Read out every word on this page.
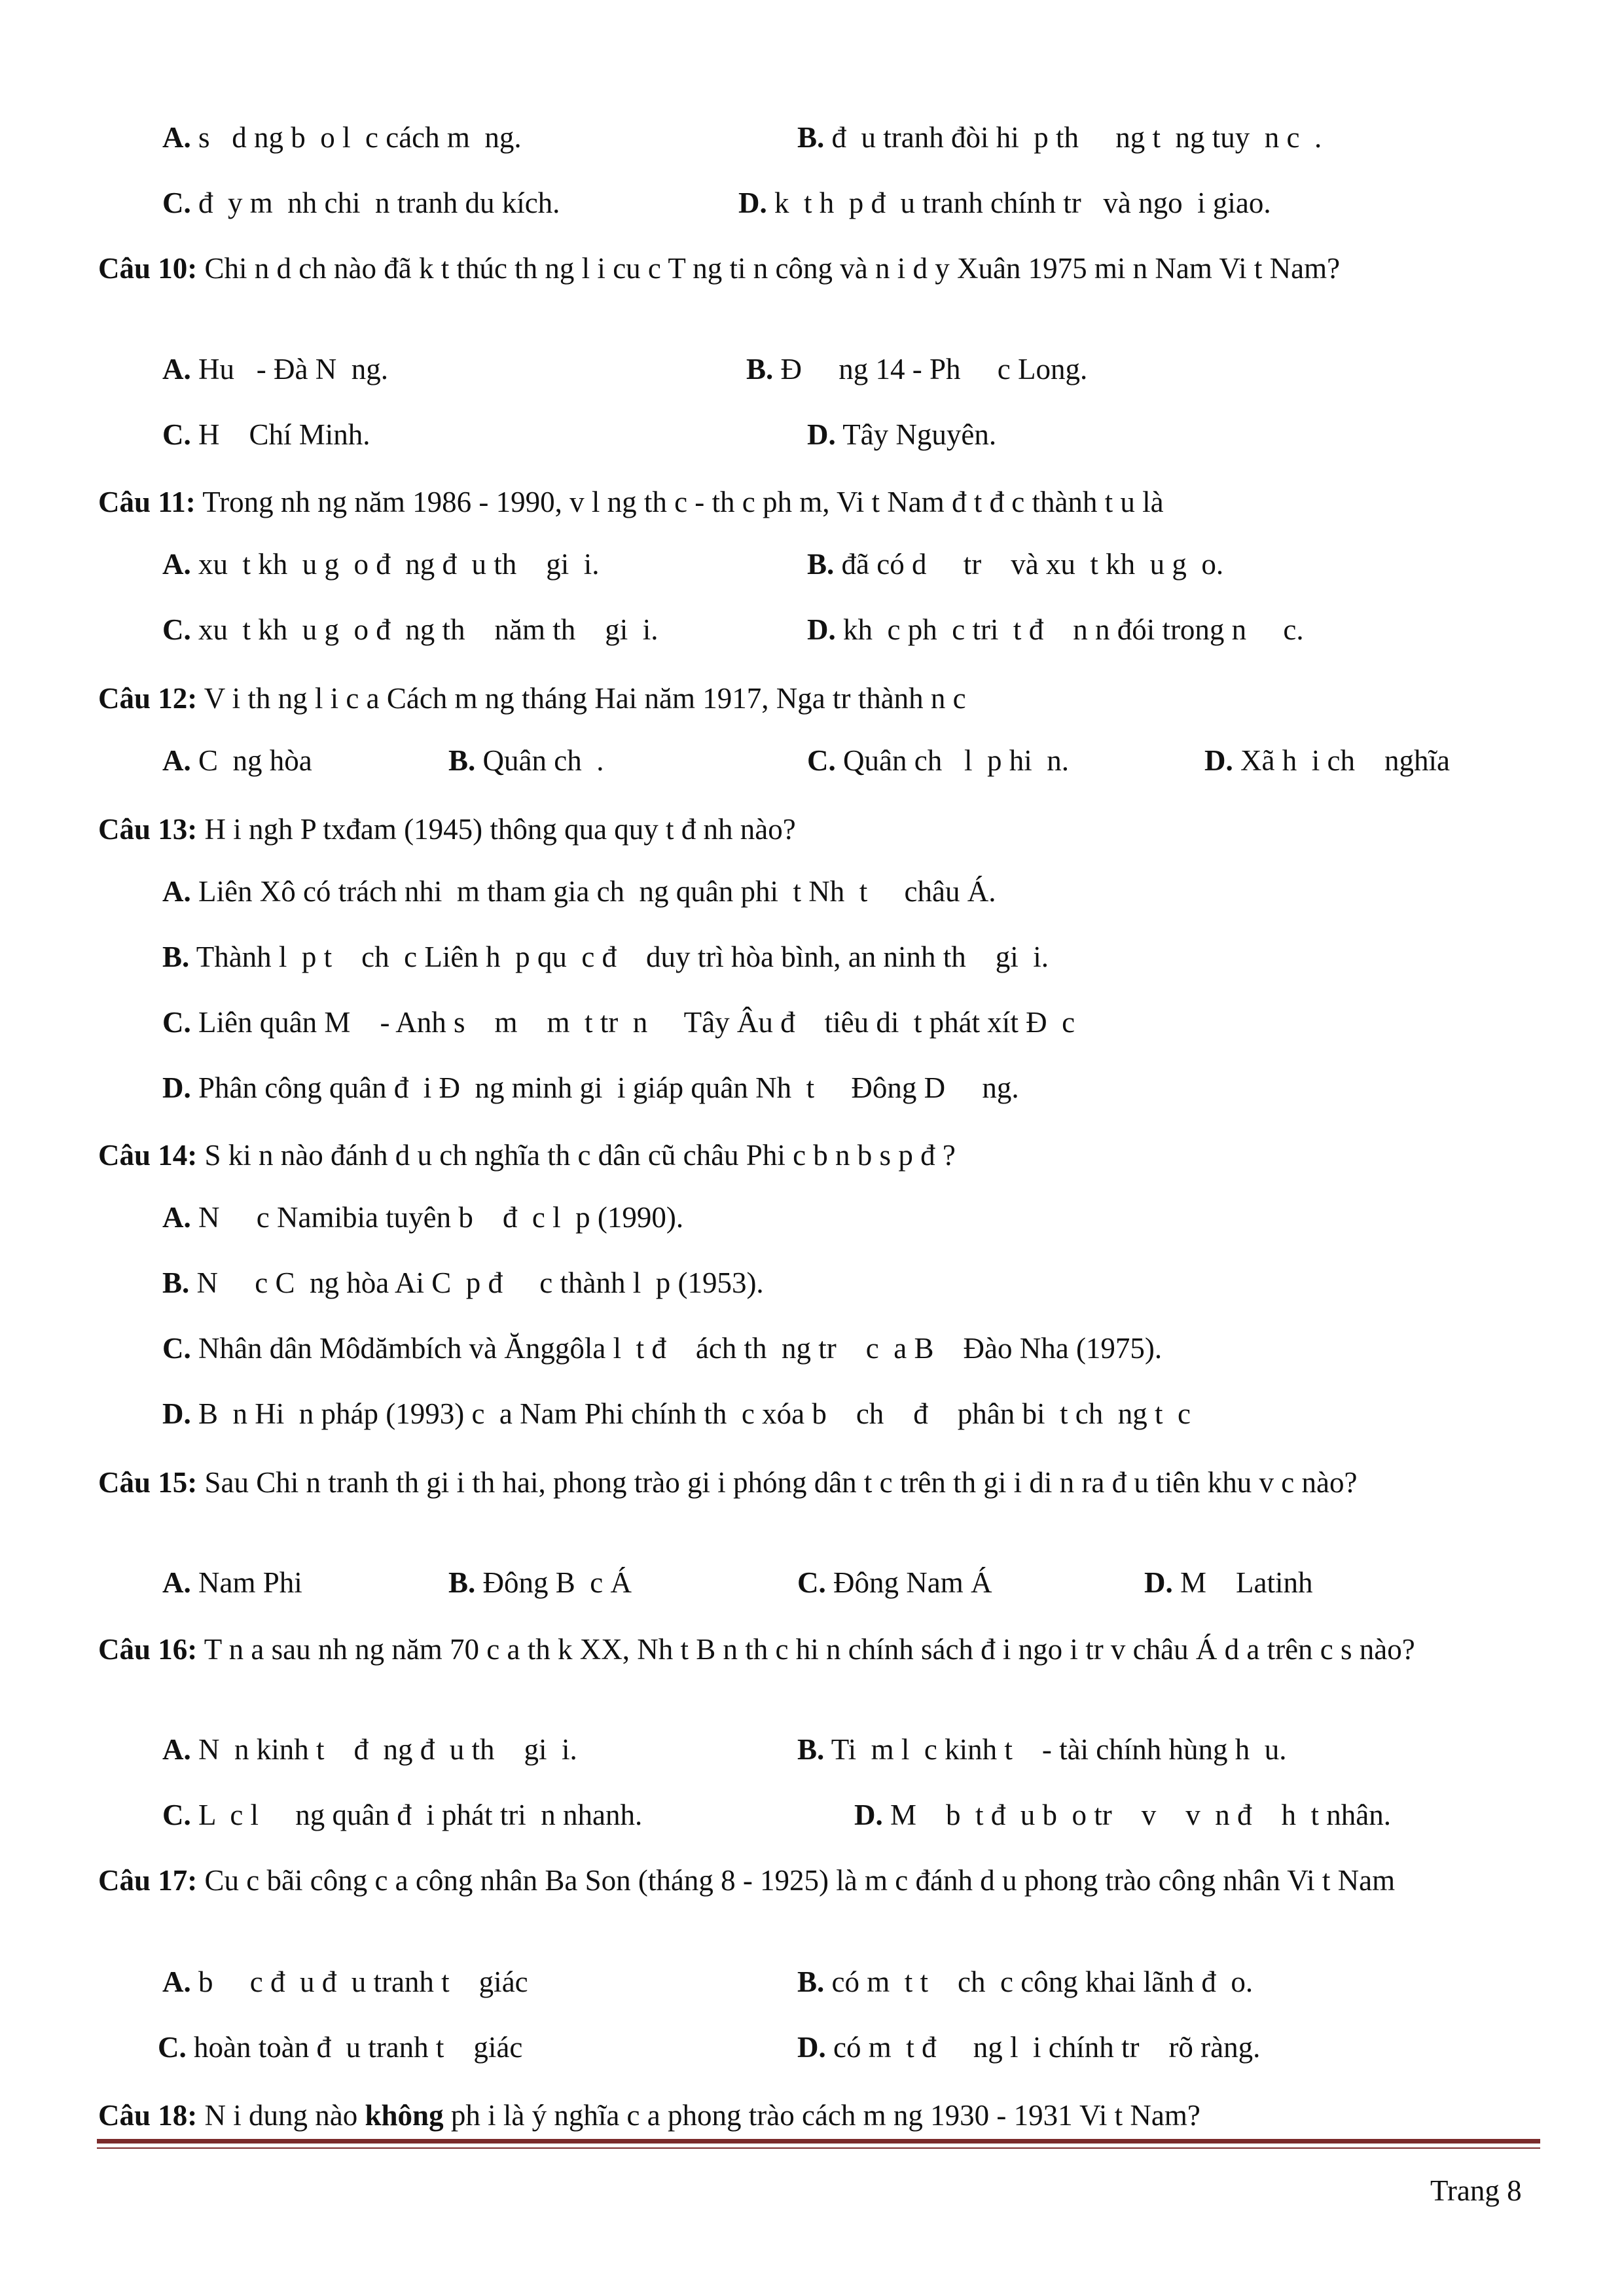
A. s   d ng b  o l  c cách m  ng.	B. đ  u tranh đòi hi  p th     ng t  ng tuy  n c  .
C. đ  y m  nh chi  n tranh du kích.	D. k  t h  p đ  u tranh chính tr   và ngo  i giao.
Câu 10: Chi n d ch nào đã k t thúc th ng l i cu c T ng ti n công và n i d y Xuân 1975 mi n Nam Vi t Nam?
A. Hu   - Đà N  ng.	B. Đ     ng 14 - Ph     c Long.
C. H    Chí Minh.	D. Tây Nguyên.
Câu 11: Trong nh ng năm 1986 - 1990, v l ng th c - th c ph m, Vi t Nam đ t đ c thành t u là
A. xu  t kh  u g  o đ  ng đ  u th    gi  i.	B. đã có d     tr    và xu  t kh  u g  o.
C. xu  t kh  u g  o đ  ng th    năm th    gi  i.	D. kh  c ph  c tri  t đ    n n đói trong n     c.
Câu 12: V i th ng l i c a Cách m ng tháng Hai năm 1917, Nga tr thành n c
A. C  ng hòa	B. Quân ch  .	C. Quân ch   l  p hi  n.	D. Xã h  i ch    nghĩa
Câu 13: H i ngh P txđam (1945) thông qua quy t đ nh nào?
A. Liên Xô có trách nhi  m tham gia ch  ng quân phi  t Nh  t     châu Á.
B. Thành l  p t    ch  c Liên h  p qu  c đ    duy trì hòa bình, an ninh th    gi  i.
C. Liên quân M    - Anh s    m    m  t tr  n     Tây Âu đ    tiêu di  t phát xít Đ  c
D. Phân công quân đ  i Đ  ng minh gi  i giáp quân Nh  t     Đông D     ng.
Câu 14: S ki n nào đánh d u ch nghĩa th c dân cũ châu Phi c b n b s p đ ?
A. N     c Namibia tuyên b    đ  c l  p (1990).
B. N     c C  ng hòa Ai C  p đ     c thành l  p (1953).
C. Nhân dân Môdămbích và Ănggôla l  t đ    ách th  ng tr    c  a B    Đào Nha (1975).
D. B  n Hi  n pháp (1993) c  a Nam Phi chính th  c xóa b    ch    đ    phân bi  t ch  ng t  c
Câu 15: Sau Chi n tranh th gi i th hai, phong trào gi i phóng dân t c trên th gi i di n ra đ u tiên khu v c nào?
A. Nam Phi	B. Đông B  c Á	C. Đông Nam Á	D. M    Latinh
Câu 16: T n a sau nh ng năm 70 c a th k XX, Nh t B n th c hi n chính sách đ i ngo i tr v châu Á d a trên c s nào?
A. N  n kinh t    đ  ng đ  u th    gi  i.	B. Ti  m l  c kinh t    - tài chính hùng h  u.
C. L  c l     ng quân đ  i phát tri  n nhanh.	D. M    b  t đ  u b  o tr    v    v  n đ    h  t nhân.
Câu 17: Cu c bãi công c a công nhân Ba Son (tháng 8 - 1925) là m c đánh d u phong trào công nhân Vi t Nam
A. b     c đ  u đ  u tranh t    giác	B. có m  t t    ch  c công khai lãnh đ  o.
C. hoàn toàn đ  u tranh t    giác	D. có m  t đ     ng l  i chính tr    rõ ràng.
Câu 18: N i dung nào không ph i là ý nghĩa c a phong trào cách m ng 1930 - 1931 Vi t Nam?
Trang 8
